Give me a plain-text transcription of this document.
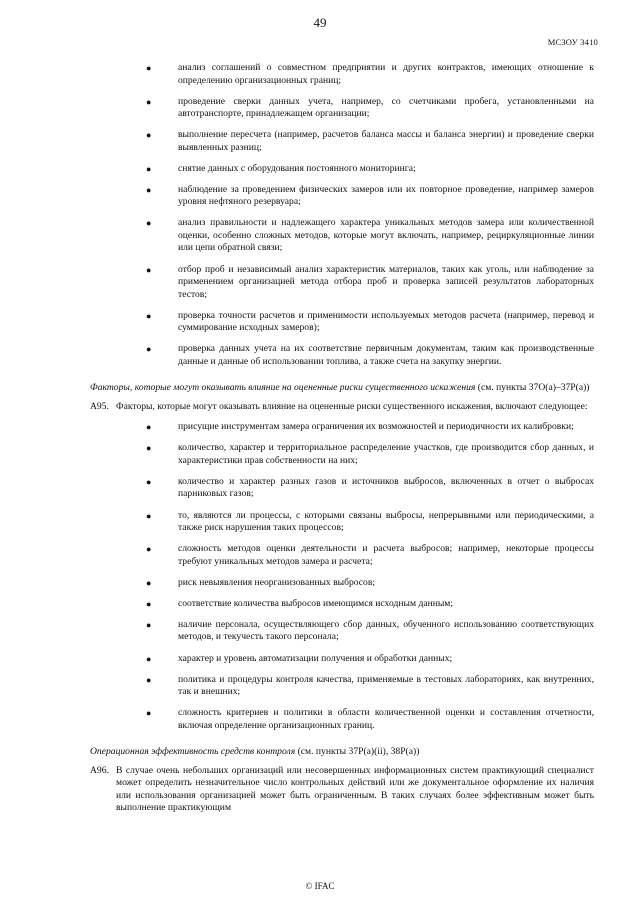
49
МСЗОУ 3410
●	анализ соглашений о совместном предприятии и других контрактов, имеющих отношение к определению организационных границ;
●	проведение сверки данных учета, например, со счетчиками пробега, установленными на автотранспорте, принадлежащем организации;
●	выполнение пересчета (например, расчетов баланса массы и баланса энергии) и проведение сверки выявленных разниц;
●	снятие данных с оборудования постоянного мониторинга;
●	наблюдение за проведением физических замеров или их повторное проведение, например замеров уровня нефтяного резервуара;
●	анализ правильности и надлежащего характера уникальных методов замера или количественной оценки, особенно сложных методов, которые могут включать, например, рециркуляционные линии или цепи обратной связи;
●	отбор проб и независимый анализ характеристик материалов, таких как уголь, или наблюдение за применением организацией метода отбора проб и проверка записей результатов лабораторных тестов;
●	проверка точности расчетов и применимости используемых методов расчета (например, перевод и суммирование исходных замеров);
●	проверка данных учета на их соответствие первичным документам, таким как производственные данные и данные об использовании топлива, а также счета на закупку энергии.
Факторы, которые могут оказывать влияние на оцененные риски существенного искажения (см. пункты 37O(а)–37P(а))
A95. Факторы, которые могут оказывать влияние на оцененные риски существенного искажения, включают следующее:
●	присущие инструментам замера ограничения их возможностей и периодичности их калибровки;
●	количество, характер и территориальное распределение участков, где производится сбор данных, и характеристики прав собственности на них;
●	количество и характер разных газов и источников выбросов, включенных в отчет о выбросах парниковых газов;
●	то, являются ли процессы, с которыми связаны выбросы, непрерывными или периодическими, а также риск нарушения таких процессов;
●	сложность методов оценки деятельности и расчета выбросов; например, некоторые процессы требуют уникальных методов замера и расчета;
●	риск невыявления неорганизованных выбросов;
●	соответствие количества выбросов имеющимся исходным данным;
●	наличие персонала, осуществляющего сбор данных, обученного использованию соответствующих методов, и текучесть такого персонала;
●	характер и уровень автоматизации получения и обработки данных;
●	политика и процедуры контроля качества, применяемые в тестовых лабораториях, как внутренних, так и внешних;
●	сложность критериев и политики в области количественной оценки и составления отчетности, включая определение организационных границ.
Операционная эффективность средств контроля (см. пункты 37P(а)(ii), 38P(а))
A96. В случае очень небольших организаций или несовершенных информационных систем практикующий специалист может определить незначительное число контрольных действий или же документальное оформление их наличия или использования организацией может быть ограниченным. В таких случаях более эффективным может быть выполнение практикующим
© IFAC
